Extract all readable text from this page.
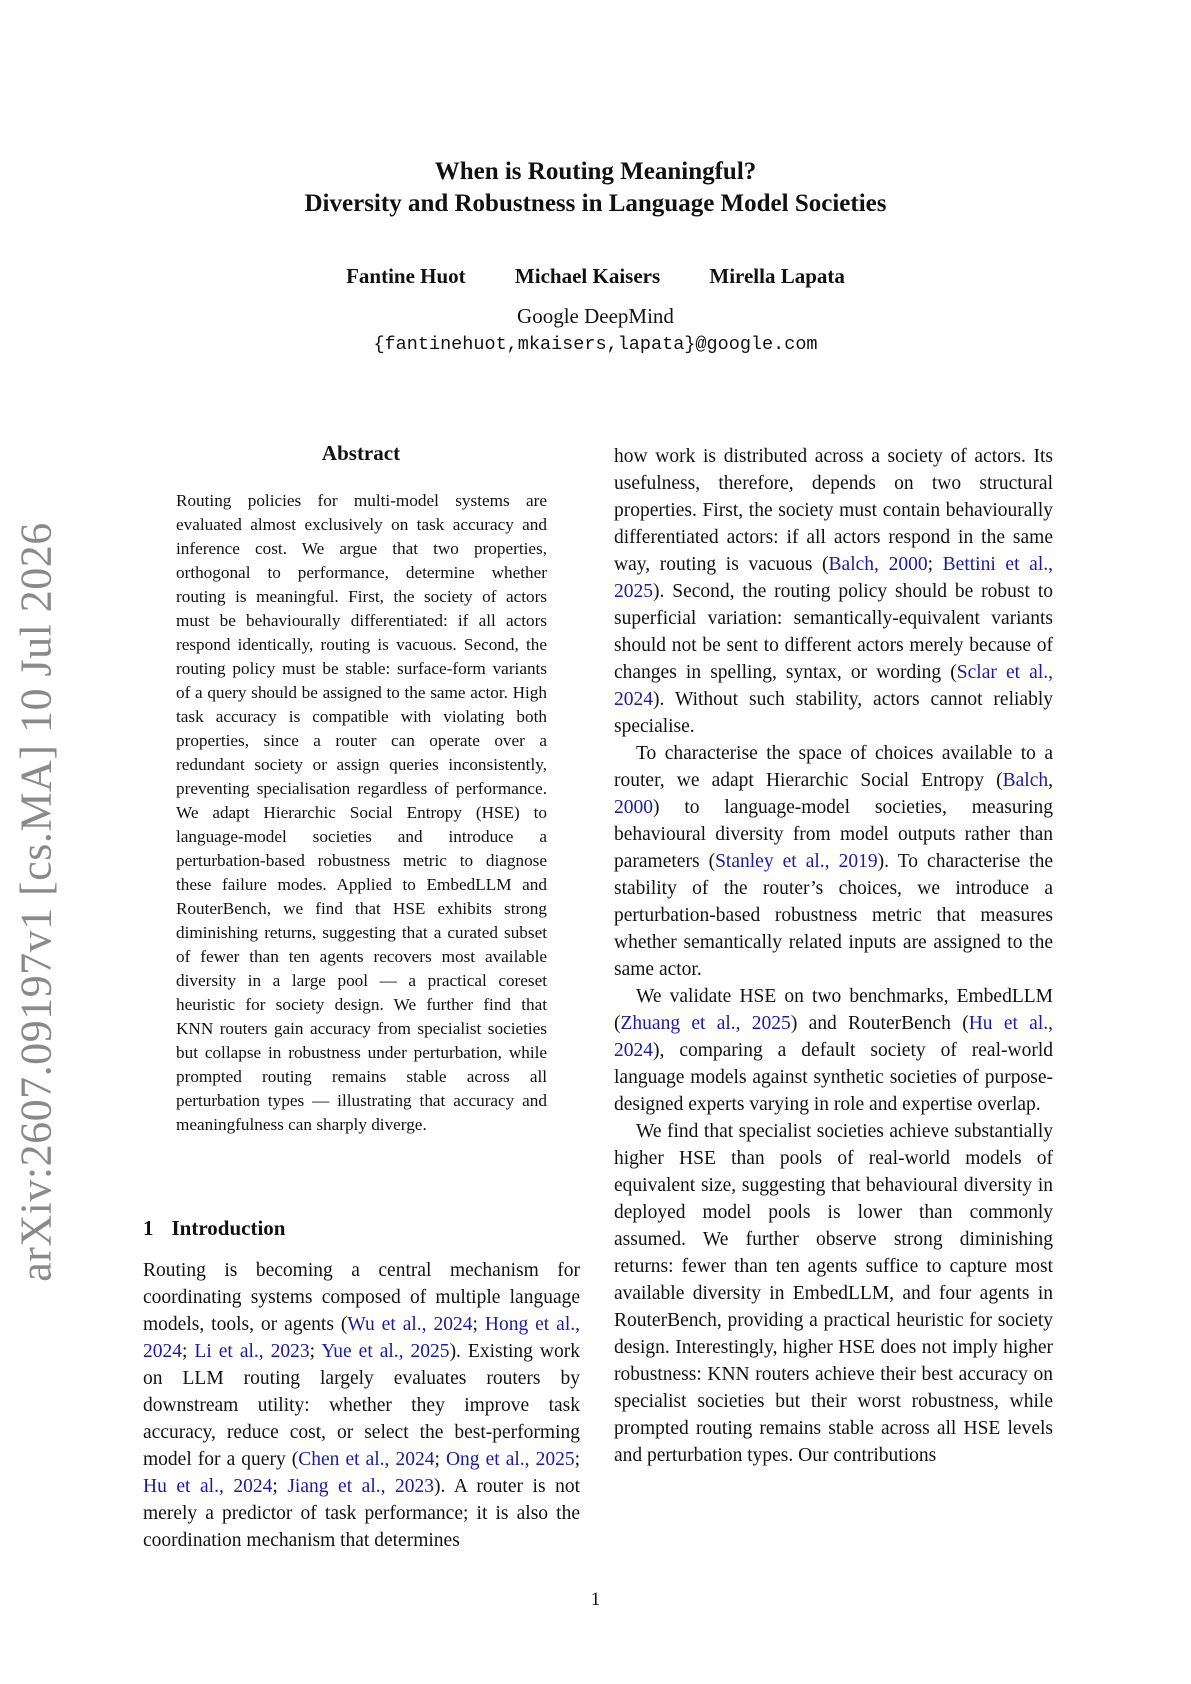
arXiv:2607.09197v1 [cs.MA] 10 Jul 2026
When is Routing Meaningful?
Diversity and Robustness in Language Model Societies
Fantine Huot Michael Kaisers Mirella Lapata
Google DeepMind
{fantinehuot,mkaisers,lapata}@google.com
Abstract

Routing policies for multi-model systems are evaluated almost exclusively on task accuracy and inference cost. We argue that two properties, orthogonal to performance, determine whether routing is meaningful. First, the society of actors must be behaviourally differentiated: if all actors respond identically, routing is vacuous. Second, the routing policy must be stable: surface-form variants of a query should be assigned to the same actor. High task accuracy is compatible with violating both properties, since a router can operate over a redundant society or assign queries inconsistently, preventing specialisation regardless of performance. We adapt Hierarchic Social Entropy (HSE) to language-model societies and introduce a perturbation-based robustness metric to diagnose these failure modes. Applied to EmbedLLM and RouterBench, we find that HSE exhibits strong diminishing returns, suggesting that a curated subset of fewer than ten agents recovers most available diversity in a large pool — a practical coreset heuristic for society design. We further find that KNN routers gain accuracy from specialist societies but collapse in robustness under perturbation, while prompted routing remains stable across all perturbation types — illustrating that accuracy and meaningfulness can sharply diverge.

1 Introduction

Routing is becoming a central mechanism for coordinating systems composed of multiple language models, tools, or agents (Wu et al., 2024; Hong et al., 2024; Li et al., 2023; Yue et al., 2025). Existing work on LLM routing largely evaluates routers by downstream utility: whether they improve task accuracy, reduce cost, or select the best-performing model for a query (Chen et al., 2024; Ong et al., 2025; Hu et al., 2024; Jiang et al., 2023). A router is not merely a predictor of task performance; it is also the coordination mechanism that determines

how work is distributed across a society of actors. Its usefulness, therefore, depends on two structural properties. First, the society must contain behaviourally differentiated actors: if all actors respond in the same way, routing is vacuous (Balch, 2000; Bettini et al., 2025). Second, the routing policy should be robust to superficial variation: semantically-equivalent variants should not be sent to different actors merely because of changes in spelling, syntax, or wording (Sclar et al., 2024). Without such stability, actors cannot reliably specialise.

To characterise the space of choices available to a router, we adapt Hierarchic Social Entropy (Balch, 2000) to language-model societies, measuring behavioural diversity from model outputs rather than parameters (Stanley et al., 2019). To characterise the stability of the router’s choices, we introduce a perturbation-based robustness metric that measures whether semantically related inputs are assigned to the same actor.

We validate HSE on two benchmarks, EmbedLLM (Zhuang et al., 2025) and RouterBench (Hu et al., 2024), comparing a default society of real-world language models against synthetic societies of purpose-designed experts varying in role and expertise overlap.

We find that specialist societies achieve substantially higher HSE than pools of real-world models of equivalent size, suggesting that behavioural diversity in deployed model pools is lower than commonly assumed. We further observe strong diminishing returns: fewer than ten agents suffice to capture most available diversity in EmbedLLM, and four agents in RouterBench, providing a practical heuristic for society design. Interestingly, higher HSE does not imply higher robustness: KNN routers achieve their best accuracy on specialist societies but their worst robustness, while prompted routing remains stable across all HSE levels and perturbation types. Our contributions

1
